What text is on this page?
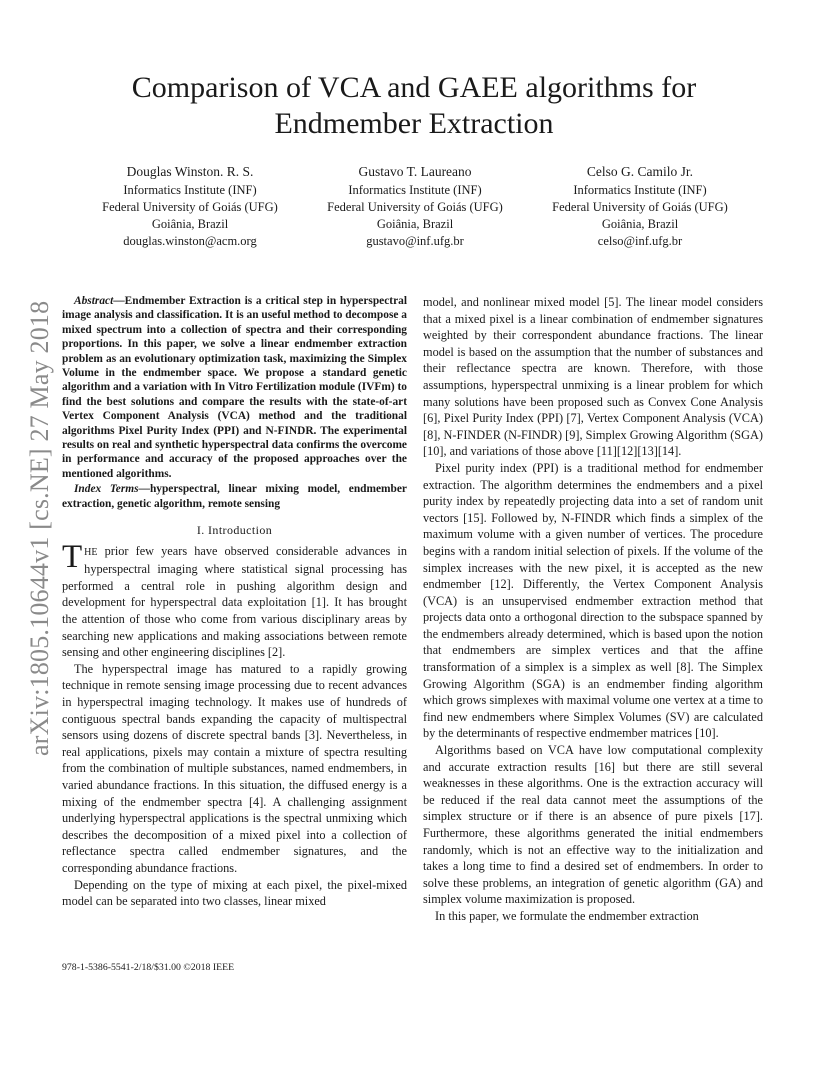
arXiv:1805.10644v1 [cs.NE] 27 May 2018
Comparison of VCA and GAEE algorithms for Endmember Extraction
Douglas Winston. R. S.
Informatics Institute (INF)
Federal University of Goiás (UFG)
Goiânia, Brazil
douglas.winston@acm.org
Gustavo T. Laureano
Informatics Institute (INF)
Federal University of Goiás (UFG)
Goiânia, Brazil
gustavo@inf.ufg.br
Celso G. Camilo Jr.
Informatics Institute (INF)
Federal University of Goiás (UFG)
Goiânia, Brazil
celso@inf.ufg.br
Abstract—Endmember Extraction is a critical step in hyperspectral image analysis and classification. It is an useful method to decompose a mixed spectrum into a collection of spectra and their corresponding proportions. In this paper, we solve a linear endmember extraction problem as an evolutionary optimization task, maximizing the Simplex Volume in the endmember space. We propose a standard genetic algorithm and a variation with In Vitro Fertilization module (IVFm) to find the best solutions and compare the results with the state-of-art Vertex Component Analysis (VCA) method and the traditional algorithms Pixel Purity Index (PPI) and N-FINDR. The experimental results on real and synthetic hyperspectral data confirms the overcome in performance and accuracy of the proposed approaches over the mentioned algorithms.
Index Terms—hyperspectral, linear mixing model, endmember extraction, genetic algorithm, remote sensing
I. Introduction

THE prior few years have observed considerable advances in hyperspectral imaging where statistical signal processing has performed a central role in pushing algorithm design and development for hyperspectral data exploitation [1]. It has brought the attention of those who come from various disciplinary areas by searching new applications and making associations between remote sensing and other engineering disciplines [2].

The hyperspectral image has matured to a rapidly growing technique in remote sensing image processing due to recent advances in hyperspectral imaging technology. It makes use of hundreds of contiguous spectral bands expanding the capacity of multispectral sensors using dozens of discrete spectral bands [3]. Nevertheless, in real applications, pixels may contain a mixture of spectra resulting from the combination of multiple substances, named endmembers, in varied abundance fractions. In this situation, the diffused energy is a mixing of the endmember spectra [4]. A challenging assignment underlying hyperspectral applications is the spectral unmixing which describes the decomposition of a mixed pixel into a collection of reflectance spectra called endmember signatures, and the corresponding abundance fractions.

Depending on the type of mixing at each pixel, the pixel-mixed model can be separated into two classes, linear mixed

model, and nonlinear mixed model [5]. The linear model considers that a mixed pixel is a linear combination of endmember signatures weighted by their correspondent abundance fractions. The linear model is based on the assumption that the number of substances and their reflectance spectra are known. Therefore, with those assumptions, hyperspectral unmixing is a linear problem for which many solutions have been proposed such as Convex Cone Analysis [6], Pixel Purity Index (PPI) [7], Vertex Component Analysis (VCA) [8], N-FINDER (N-FINDR) [9], Simplex Growing Algorithm (SGA) [10], and variations of those above [11][12][13][14].

Pixel purity index (PPI) is a traditional method for endmember extraction. The algorithm determines the endmembers and a pixel purity index by repeatedly projecting data into a set of random unit vectors [15]. Followed by, N-FINDR which finds a simplex of the maximum volume with a given number of vertices. The procedure begins with a random initial selection of pixels. If the volume of the simplex increases with the new pixel, it is accepted as the new endmember [12]. Differently, the Vertex Component Analysis (VCA) is an unsupervised endmember extraction method that projects data onto a orthogonal direction to the subspace spanned by the endmembers already determined, which is based upon the notion that endmembers are simplex vertices and that the affine transformation of a simplex is a simplex as well [8]. The Simplex Growing Algorithm (SGA) is an endmember finding algorithm which grows simplexes with maximal volume one vertex at a time to find new endmembers where Simplex Volumes (SV) are calculated by the determinants of respective endmember matrices [10].

Algorithms based on VCA have low computational complexity and accurate extraction results [16] but there are still several weaknesses in these algorithms. One is the extraction accuracy will be reduced if the real data cannot meet the assumptions of the simplex structure or if there is an absence of pure pixels [17]. Furthermore, these algorithms generated the initial endmembers randomly, which is not an effective way to the initialization and takes a long time to find a desired set of endmembers. In order to solve these problems, an integration of genetic algorithm (GA) and simplex volume maximization is proposed.

In this paper, we formulate the endmember extraction

978-1-5386-5541-2/18/$31.00 ©2018 IEEE
